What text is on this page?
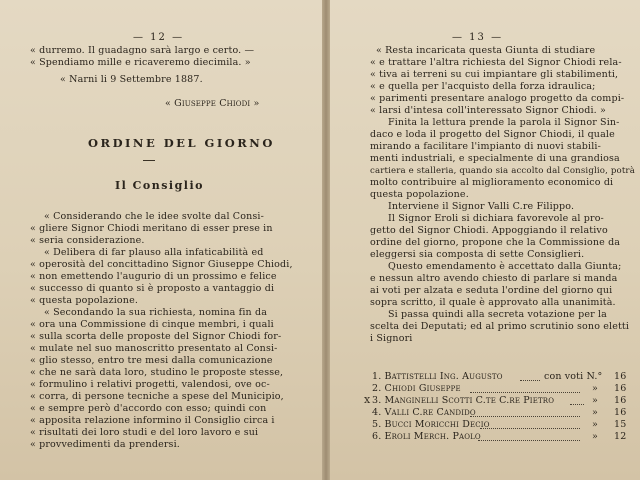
— 12 —
« durremo. Il guadagno sarà largo e certo. —
« Spendiamo mille e ricaveremo diecimila. »
« Narni li 9 Settembre 1887.
« Giuseppe Chiodi »
ORDINE DEL GIORNO
Il Consiglio
« Considerando che le idee svolte dal Consi-
« gliere Signor Chiodi meritano di esser prese in
« seria considerazione.
« Delibera di far plauso alla infaticabilità ed
« operosità del concittadino Signor Giuseppe Chiodi,
« non emettendo l'augurio di un prossimo e felice
« successo di quanto si è proposto a vantaggio di
« questa popolazione.
« Secondando la sua richiesta, nomina fin da
« ora una Commissione di cinque membri, i quali
« sulla scorta delle proposte del Signor Chiodi for-
« mulate nel suo manoscritto presentato al Consi-
« glio stesso, entro tre mesi dalla comunicazione
« che ne sarà data loro, studino le proposte stesse,
« formulino i relativi progetti, valendosi, ove oc-
« corra, di persone tecniche a spese del Municipio,
« e sempre però d'accordo con esso; quindi con
« apposita relazione informino il Consiglio circa i
« risultati dei loro studi e del loro lavoro e sui
« provvedimenti da prendersi.
— 13 —
« Resta incaricata questa Giunta di studiare
« e trattare l'altra richiesta del Signor Chiodi rela-
« tiva ai terreni su cui impiantare gli stabilimenti,
« e quella per l'acquisto della forza idraulica;
« parimenti presentare analogo progetto da compi-
« larsi d'intesa coll'interessato Signor Chiodi. »
Finita la lettura prende la parola il Signor Sin-
daco e loda il progetto del Signor Chiodi, il quale
mirando a facilitare l'impianto di nuovi stabili-
menti industriali, e specialmente di una grandiosa
cartiera e stalleria, quando sia accolto dal Consiglio, potrà
molto contribuire al miglioramento economico di
questa popolazione.
Interviene il Signor Valli C.re Filippo.
Il Signor Eroli si dichiara favorevole al pro-
getto del Signor Chiodi. Appoggiando il relativo
ordine del giorno, propone che la Commissione da
eleggersi sia composta di sette Consiglieri.
Questo emendamento è accettato dalla Giunta;
e nessun altro avendo chiesto di parlare si manda
ai voti per alzata e seduta l'ordine del giorno qui
sopra scritto, il quale è approvato alla unanimità.
Si passa quindi alla secreta votazione per la
scelta dei Deputati; ed al primo scrutinio sono eletti
i Signori
1. Battistelli Ing. Augusto	con voti N.° 16
2. Chiodi Giuseppe	» 16
x 3. Manginelli Scotti C.te C.re Pietro	» 16
4. Valli C.re Candido	» 16
5. Bucci Moricchi Decio	» 15
6. Eroli Merch. Paolo	» 12
